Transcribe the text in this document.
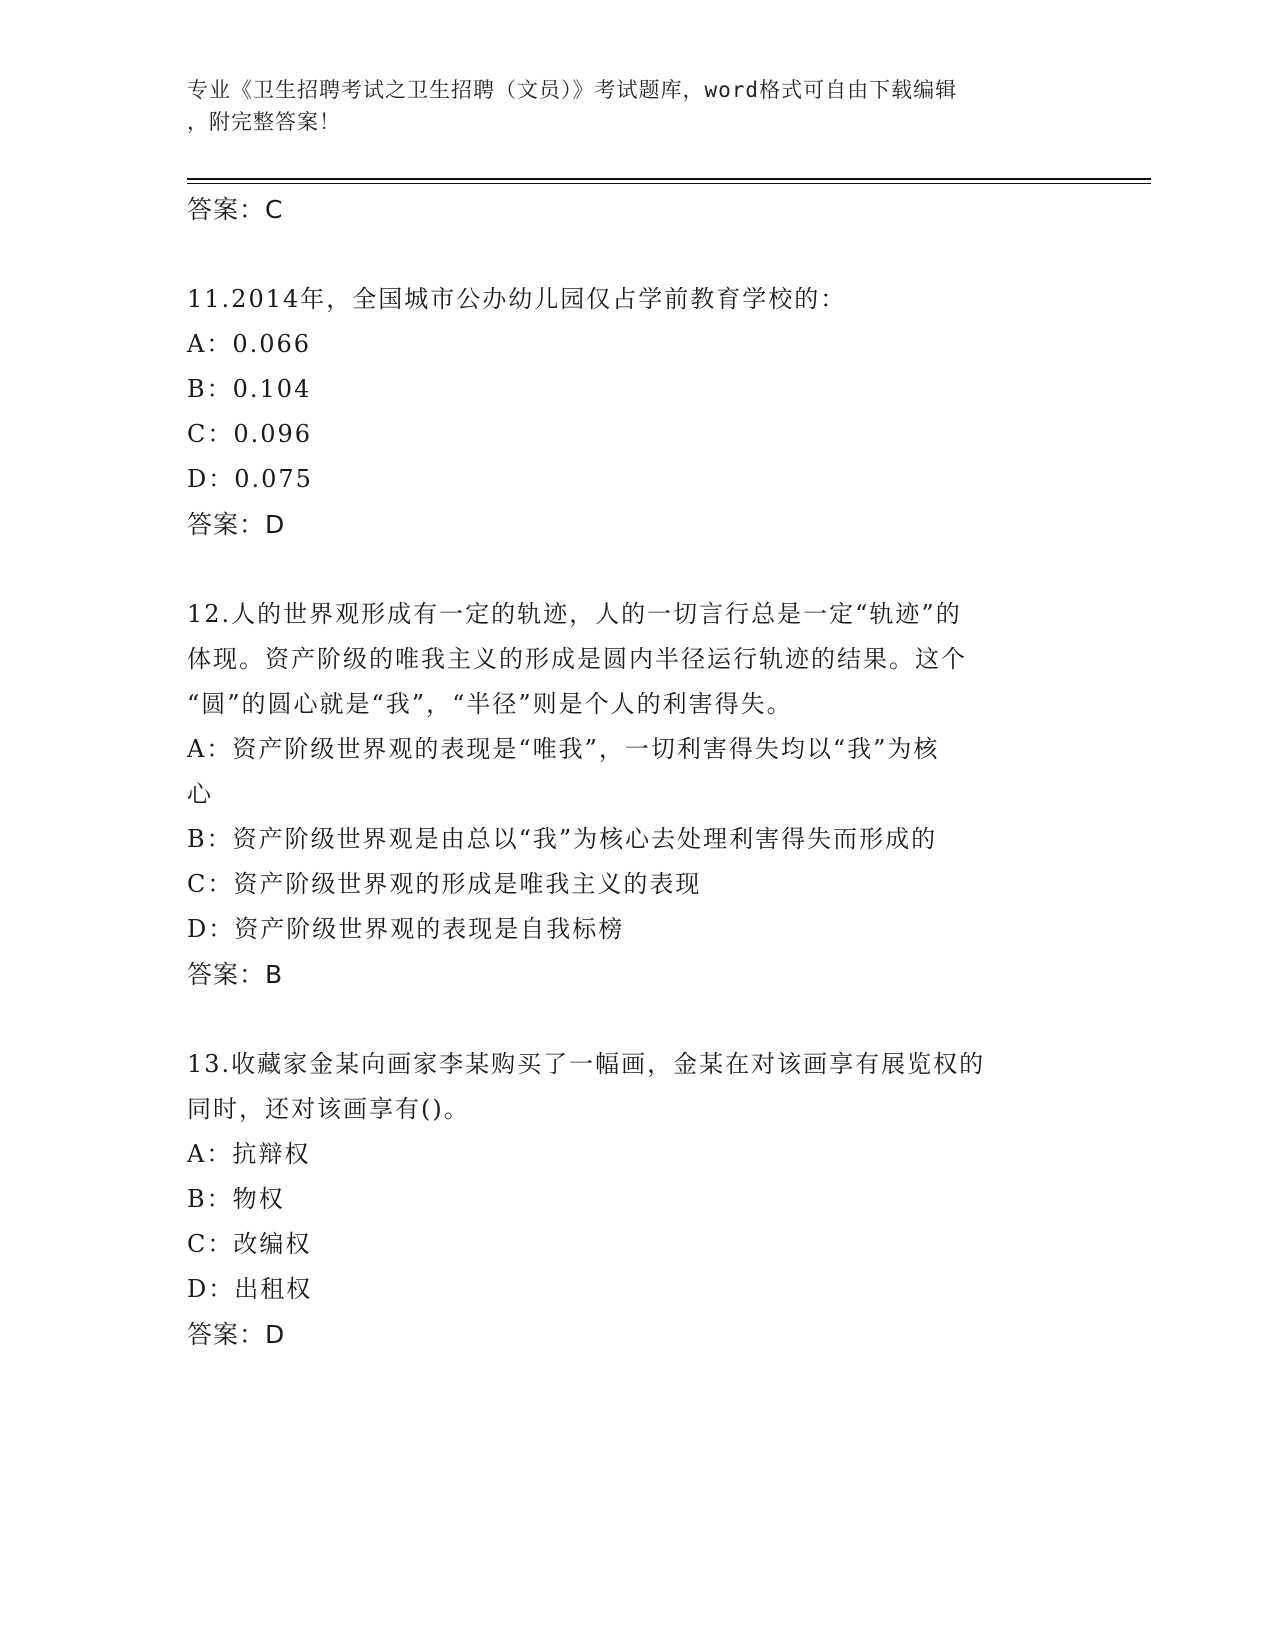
专业《卫生招聘考试之卫生招聘（文员）》考试题库，word格式可自由下载编辑
，附完整答案！
答案：C
11.2014年，全国城市公办幼儿园仅占学前教育学校的：
A：0.066
B：0.104
C：0.096
D：0.075
答案：D
12.人的世界观形成有一定的轨迹，人的一切言行总是一定“轨迹”的
体现。资产阶级的唯我主义的形成是圆内半径运行轨迹的结果。这个
“圆”的圆心就是“我”，“半径”则是个人的利害得失。
A：资产阶级世界观的表现是“唯我”，一切利害得失均以“我”为核
心
B：资产阶级世界观是由总以“我”为核心去处理利害得失而形成的
C：资产阶级世界观的形成是唯我主义的表现
D：资产阶级世界观的表现是自我标榜
答案：B
13.收藏家金某向画家李某购买了一幅画，金某在对该画享有展览权的
同时，还对该画享有()。
A：抗辩权
B：物权
C：改编权
D：出租权
答案：D
